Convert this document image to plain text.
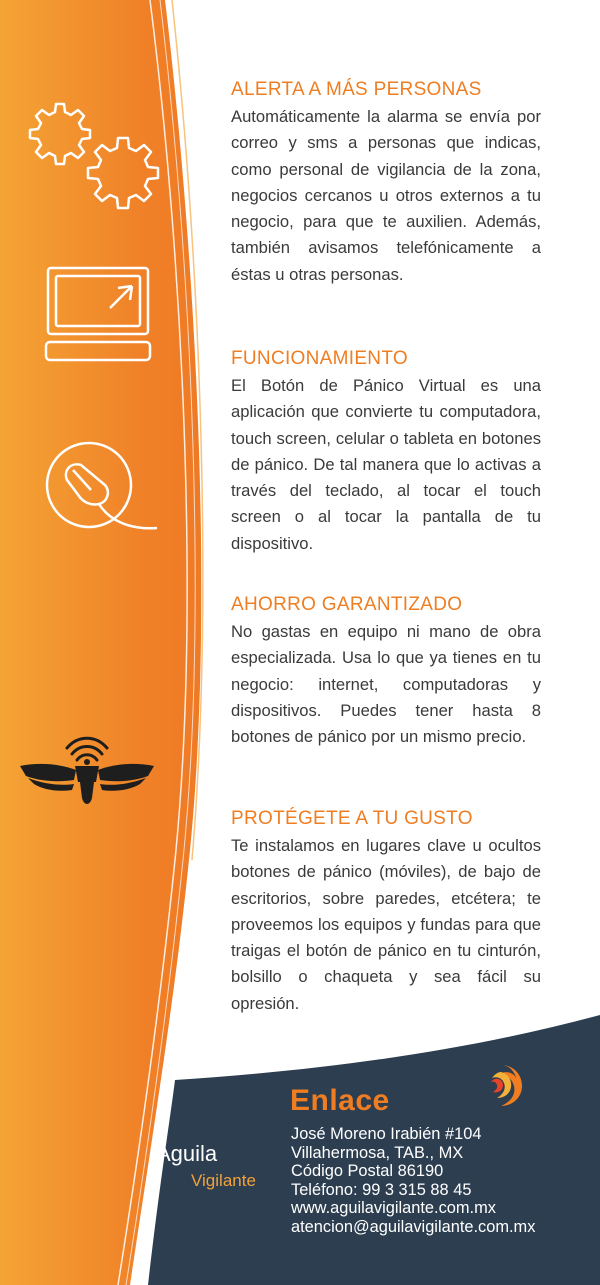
ALERTA A MÁS PERSONAS

Automáticamente la alarma se envía por correo y sms a personas que indicas, como personal de vigilancia de la zona, negocios cercanos u otros externos a tu negocio, para que te auxilien. Además, también avisamos telefónicamente a éstas u otras personas.

FUNCIONAMIENTO

El Botón de Pánico Virtual es una aplicación que convierte tu computadora, touch screen, celular o tableta en botones de pánico. De tal manera que lo activas a través del teclado, al tocar el touch screen o al tocar la pantalla de tu dispositivo.

AHORRO GARANTIZADO

No gastas en equipo ni mano de obra especializada. Usa lo que ya tienes en tu negocio: internet, computadoras y dispositivos. Puedes tener hasta 8 botones de pánico por un mismo precio.

PROTÉGETE A TU GUSTO

Te instalamos en lugares clave u ocultos botones de pánico (móviles), de bajo de escritorios, sobre paredes, etcétera; te proveemos los equipos y fundas para que traigas el botón de pánico en tu cinturón, bolsillo o chaqueta y sea fácil su opresión.

Águila
Vigilante
Enlace
José Moreno Irabién #104
Villahermosa, TAB., MX
Código Postal 86190
Teléfono: 99 3 315 88 45
www.aguilavigilante.com.mx
atencion@aguilavigilante.com.mx
